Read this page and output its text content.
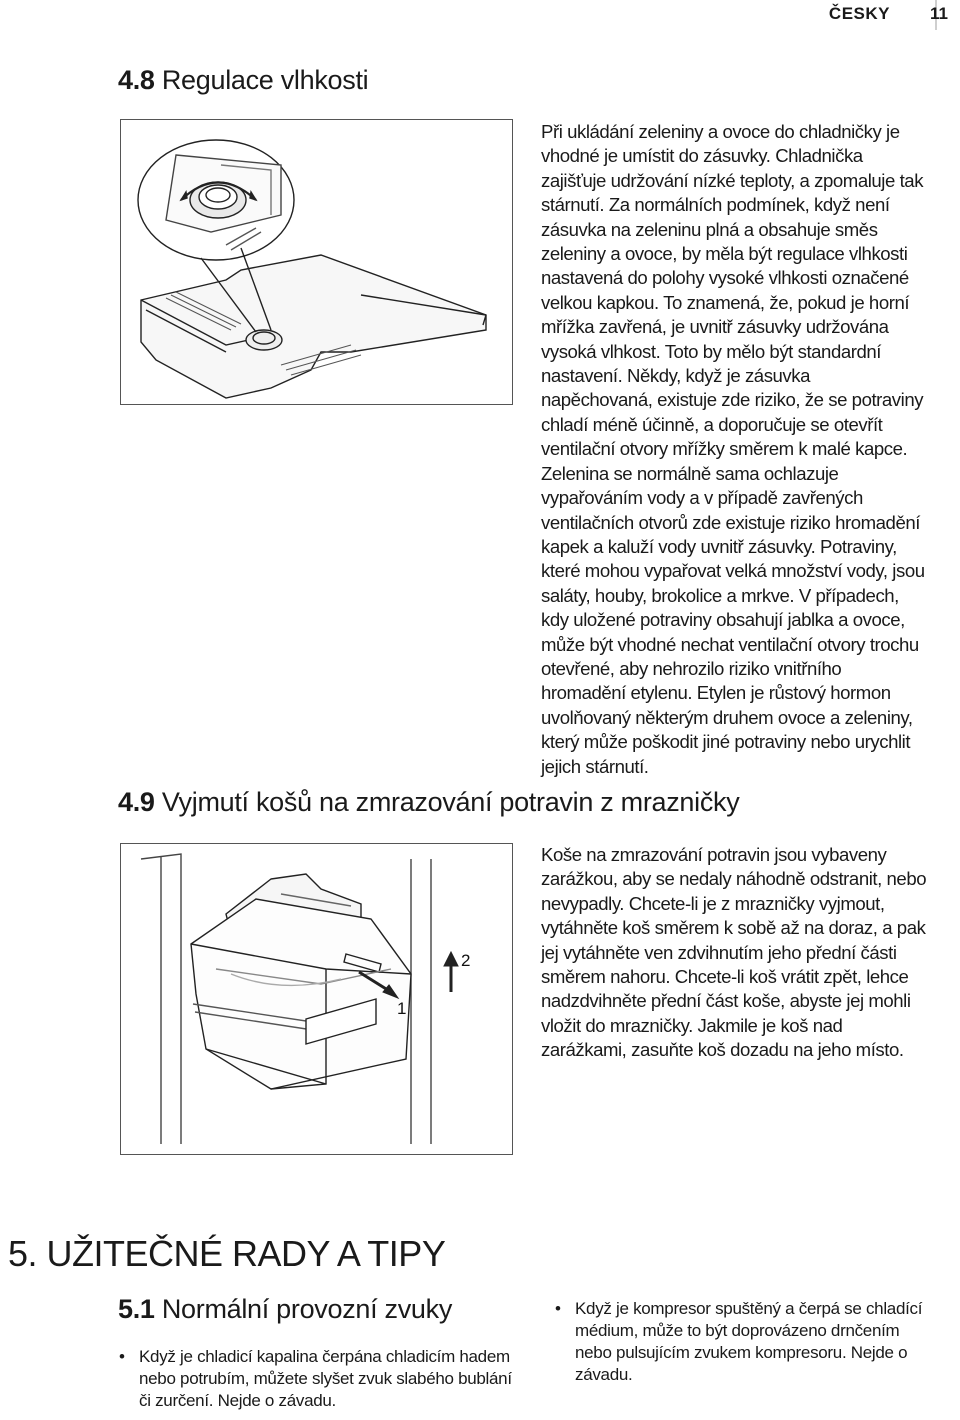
ČESKY 11
4.8 Regulace vlhkosti
Při ukládání zeleniny a ovoce do chladničky je vhodné je umístit do zásuvky. Chladnička zajišťuje udržování nízké teploty, a zpomaluje tak stárnutí. Za normálních podmínek, když není zásuvka na zeleninu plná a obsahuje směs zeleniny a ovoce, by měla být regulace vlhkosti nastavená do polohy vysoké vlhkosti označené velkou kapkou. To znamená, že, pokud je horní mřížka zavřená, je uvnitř zásuvky udržována vysoká vlhkost. Toto by mělo být standardní nastavení. Někdy, když je zásuvka napěchovaná, existuje zde riziko, že se potraviny chladí méně účinně, a doporučuje se otevřít ventilační otvory mřížky směrem k malé kapce. Zelenina se normálně sama ochlazuje vypařováním vody a v případě zavřených ventilačních otvorů zde existuje riziko hromadění kapek a kaluží vody uvnitř zásuvky. Potraviny, které mohou vypařovat velká množství vody, jsou saláty, houby, brokolice a mrkve. V případech, kdy uložené potraviny obsahují jablka a ovoce, může být vhodné nechat ventilační otvory trochu otevřené, aby nehrozilo riziko vnitřního hromadění etylenu. Etylen je růstový hormon uvolňovaný některým druhem ovoce a zeleniny, který může poškodit jiné potraviny nebo urychlit jejich stárnutí.
4.9 Vyjmutí košů na zmrazování potravin z mrazničky
1
2
Koše na zmrazování potravin jsou vybaveny zarážkou, aby se nedaly náhodně odstranit, nebo nevypadly. Chcete-li je z mrazničky vyjmout, vytáhněte koš směrem k sobě až na doraz, a pak jej vytáhněte ven zdvihnutím jeho přední části směrem nahoru. Chcete-li koš vrátit zpět, lehce nadzdvihněte přední část koše, abyste jej mohli vložit do mrazničky. Jakmile je koš nad zarážkami, zasuňte koš dozadu na jeho místo.
5. UŽITEČNÉ RADY A TIPY
5.1 Normální provozní zvuky
• Když je chladicí kapalina čerpána chladicím hadem nebo potrubím, můžete slyšet zvuk slabého bublání či zurčení. Nejde o závadu.
• Když je kompresor spuštěný a čerpá se chladící médium, může to být doprovázeno drnčením nebo pulsujícím zvukem kompresoru. Nejde o závadu.
